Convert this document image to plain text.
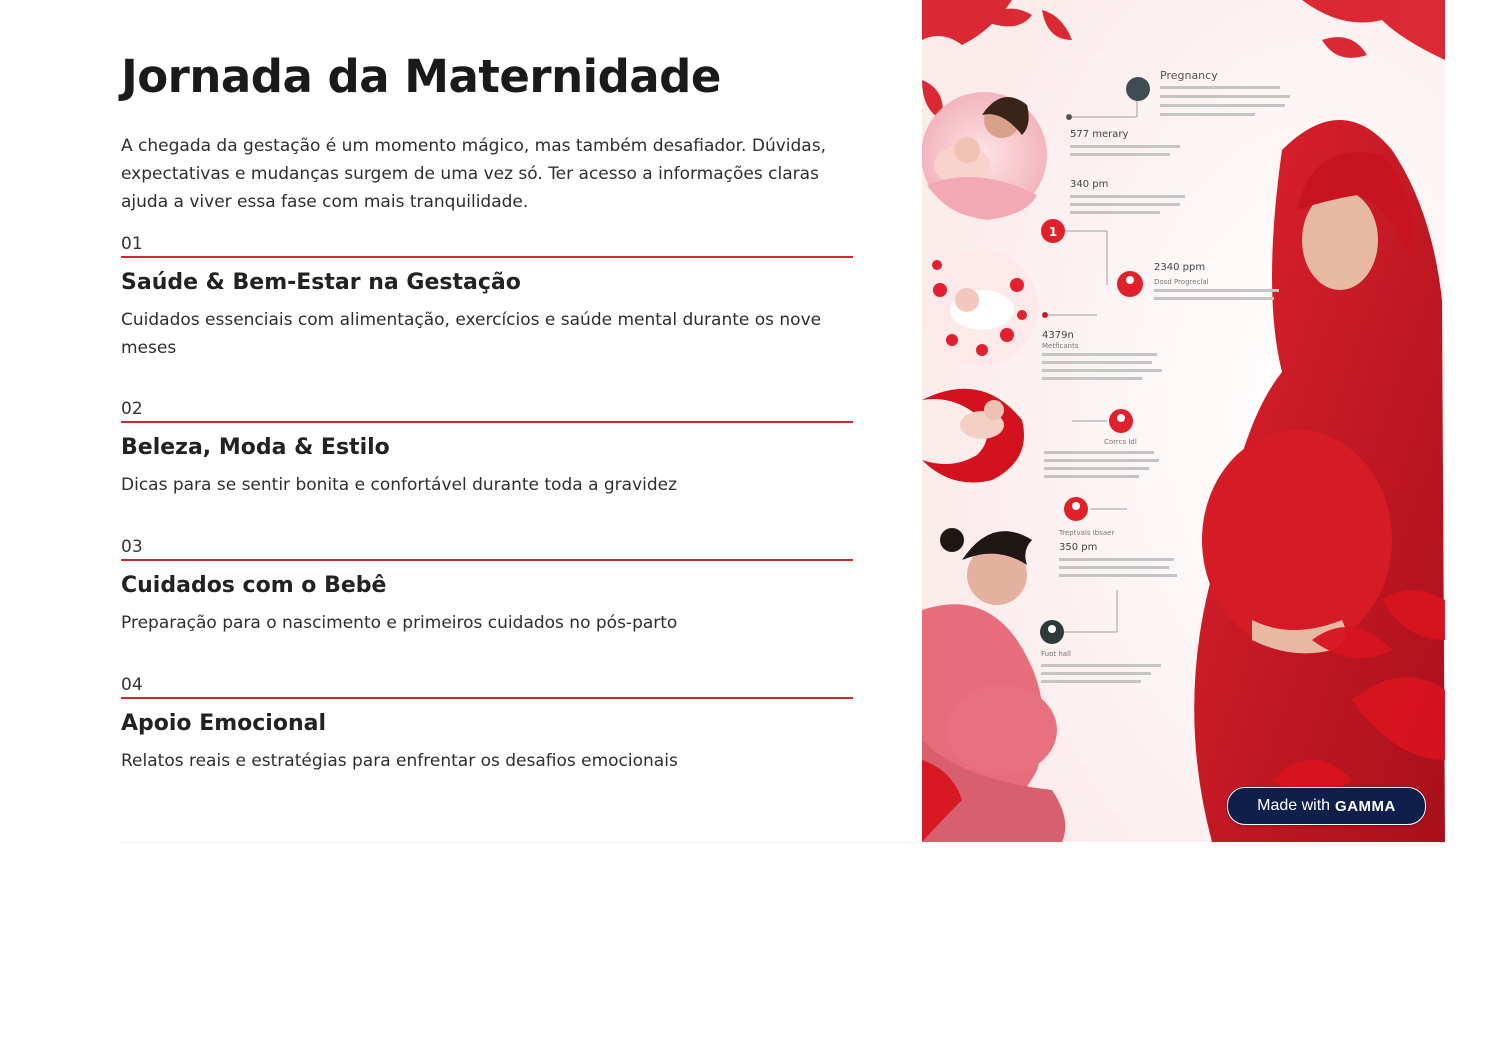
Jornada da Maternidade

A chegada da gestação é um momento mágico, mas também desafiador. Dúvidas, expectativas e mudanças surgem de uma vez só. Ter acesso a informações claras ajuda a viver essa fase com mais tranquilidade.

01
Saúde & Bem-Estar na Gestação

Cuidados essenciais com alimentação, exercícios e saúde mental durante os nove meses

02
Beleza, Moda & Estilo

Dicas para se sentir bonita e confortável durante toda a gravidez

03
Cuidados com o Bebê

Preparação para o nascimento e primeiros cuidados no pós-parto

04
Apoio Emocional

Relatos reais e estratégias para enfrentar os desafios emocionais

Pregnancy
1
577 merary
340 pm
2340 ppm
Dosd Progreclal
4379n
Metficants
Corrcs Idl
Treptvals Ibsaer
350 pm
Fuot hall
Made with GAMMA
